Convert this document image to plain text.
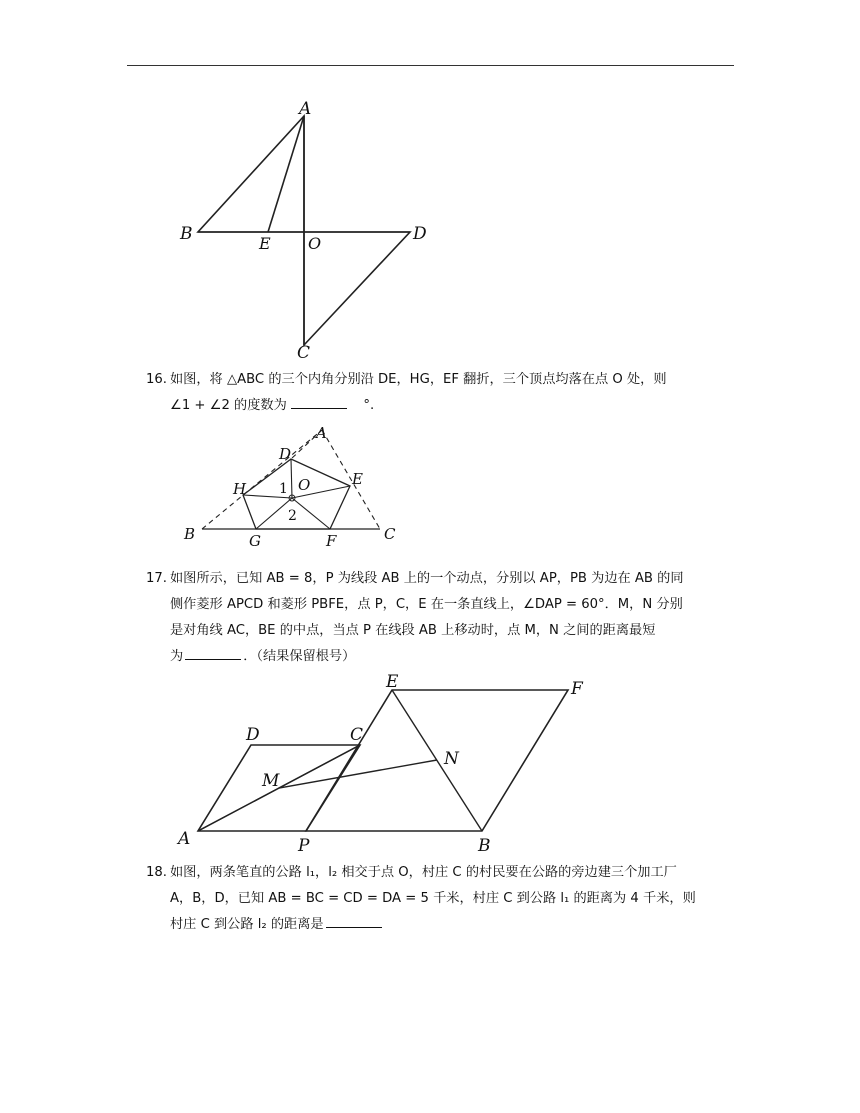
A
B	D
C
E O
16. 如图，将 △ABC 的三个内角分别沿 DE，HG，EF 翻折，三个顶点均落在点 O 处，则
∠1 + ∠2 的度数为	°.
A
D
E
H	O
1
2
B	C
G	F
17. 如图所示，已知 AB = 8，P 为线段 AB 上的一个动点，分别以 AP，PB 为边在 AB 的同
侧作菱形 APCD 和菱形 PBFE，点 P，C，E 在一条直线上，∠DAP = 60°．M，N 分别
是对角线 AC，BE 的中点，当点 P 在线段 AB 上移动时，点 M，N 之间的距离最短
为	．（结果保留根号）
E	F
D	C
N
M
A	P	B
18. 如图，两条笔直的公路 l₁，l₂ 相交于点 O，村庄 C 的村民要在公路的旁边建三个加工厂
A，B，D，已知 AB = BC = CD = DA = 5 千米，村庄 C 到公路 l₁ 的距离为 4 千米，则
村庄 C 到公路 l₂ 的距离是
